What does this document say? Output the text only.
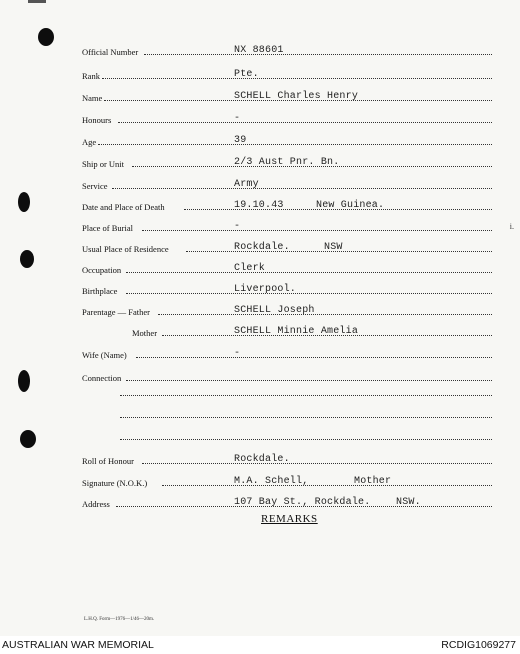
i.
Official Number	NX 88601
Rank	Pte.
Name	SCHELL Charles Henry
Honours	-
Age	39
Ship or Unit	2/3 Aust Pnr. Bn.
Service	Army
Date and Place of Death	19.10.43	New Guinea.
Place of Burial	-
Usual Place of Residence	Rockdale.	NSW
Occupation	Clerk
Birthplace	Liverpool.
Parentage — Father	SCHELL Joseph
Mother	SCHELL Minnie Amelia
Wife (Name)	-
Connection
Roll of Honour	Rockdale.
Signature (N.O.K.)	M.A. Schell,	Mother
Address	107 Bay St., Rockdale.	NSW.
REMARKS
L.H.Q. Form—1976—1/46—20m.
AUSTRALIAN WAR MEMORIAL	RCDIG1069277
